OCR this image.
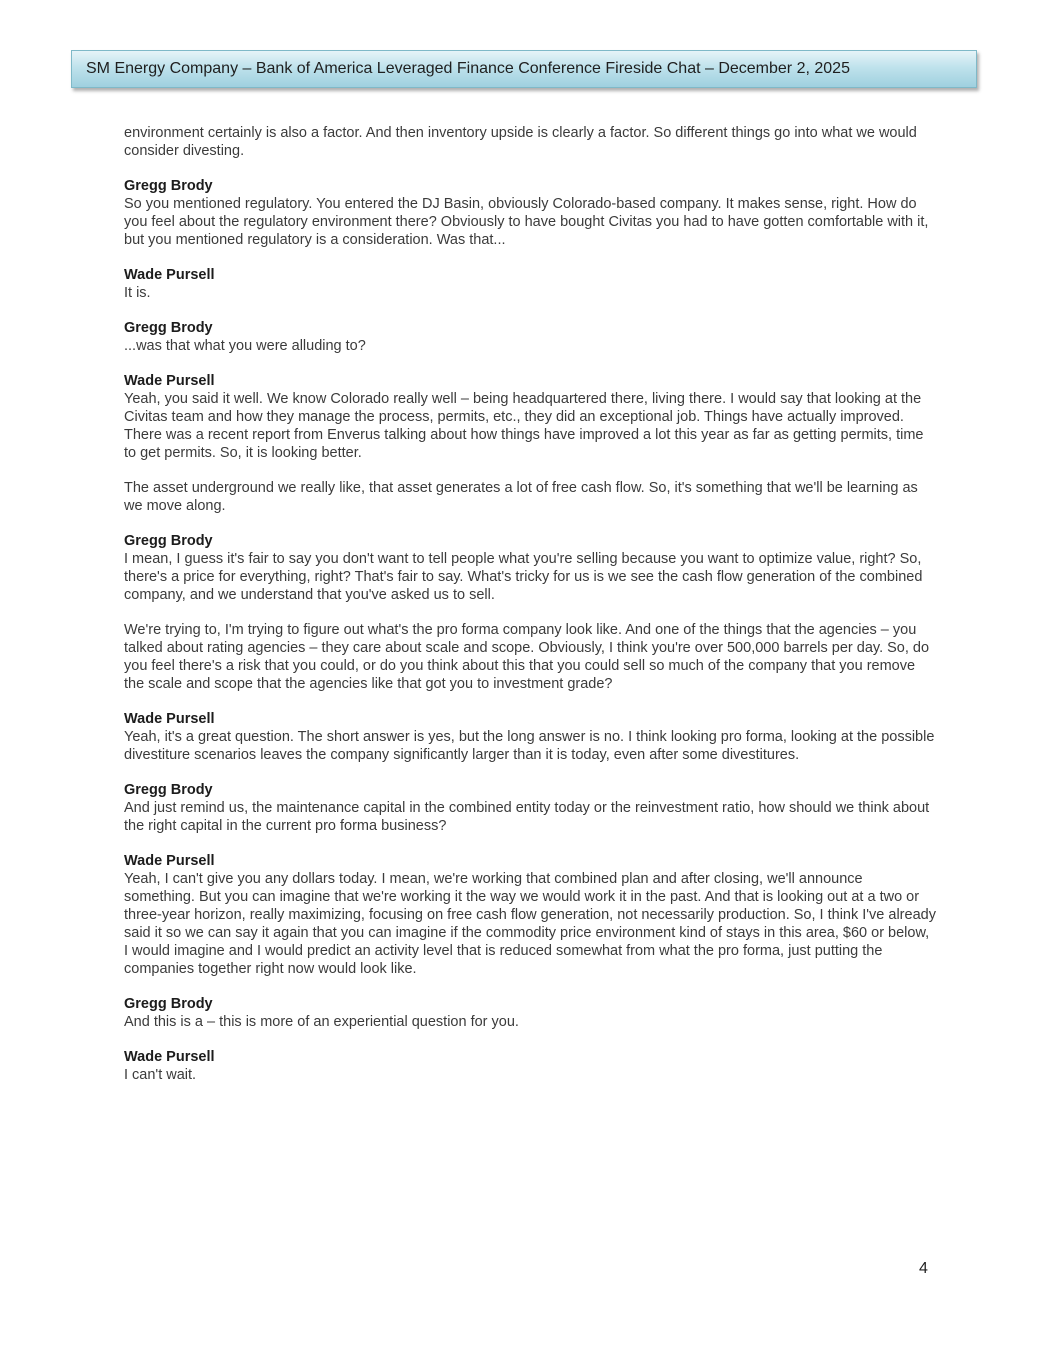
SM Energy Company – Bank of America Leveraged Finance Conference Fireside Chat – December 2, 2025
environment certainly is also a factor. And then inventory upside is clearly a factor. So different things go into what we would consider divesting.
Gregg Brody
So you mentioned regulatory. You entered the DJ Basin, obviously Colorado-based company. It makes sense, right. How do you feel about the regulatory environment there? Obviously to have bought Civitas you had to have gotten comfortable with it, but you mentioned regulatory is a consideration. Was that...
Wade Pursell
It is.
Gregg Brody
...was that what you were alluding to?
Wade Pursell
Yeah, you said it well. We know Colorado really well – being headquartered there, living there. I would say that looking at the Civitas team and how they manage the process, permits, etc., they did an exceptional job. Things have actually improved. There was a recent report from Enverus talking about how things have improved a lot this year as far as getting permits, time to get permits. So, it is looking better.
The asset underground we really like, that asset generates a lot of free cash flow. So, it's something that we'll be learning as we move along.
Gregg Brody
I mean, I guess it's fair to say you don't want to tell people what you're selling because you want to optimize value, right? So, there's a price for everything, right? That's fair to say. What's tricky for us is we see the cash flow generation of the combined company, and we understand that you've asked us to sell.
We're trying to, I'm trying to figure out what's the pro forma company look like. And one of the things that the agencies – you talked about rating agencies – they care about scale and scope. Obviously, I think you're over 500,000 barrels per day. So, do you feel there's a risk that you could, or do you think about this that you could sell so much of the company that you remove the scale and scope that the agencies like that got you to investment grade?
Wade Pursell
Yeah, it's a great question. The short answer is yes, but the long answer is no. I think looking pro forma, looking at the possible divestiture scenarios leaves the company significantly larger than it is today, even after some divestitures.
Gregg Brody
And just remind us, the maintenance capital in the combined entity today or the reinvestment ratio, how should we think about the right capital in the current pro forma business?
Wade Pursell
Yeah, I can't give you any dollars today. I mean, we're working that combined plan and after closing, we'll announce something. But you can imagine that we're working it the way we would work it in the past. And that is looking out at a two or three-year horizon, really maximizing, focusing on free cash flow generation, not necessarily production. So, I think I've already said it so we can say it again that you can imagine if the commodity price environment kind of stays in this area, $60 or below, I would imagine and I would predict an activity level that is reduced somewhat from what the pro forma, just putting the companies together right now would look like.
Gregg Brody
And this is a – this is more of an experiential question for you.
Wade Pursell
I can't wait.
4
